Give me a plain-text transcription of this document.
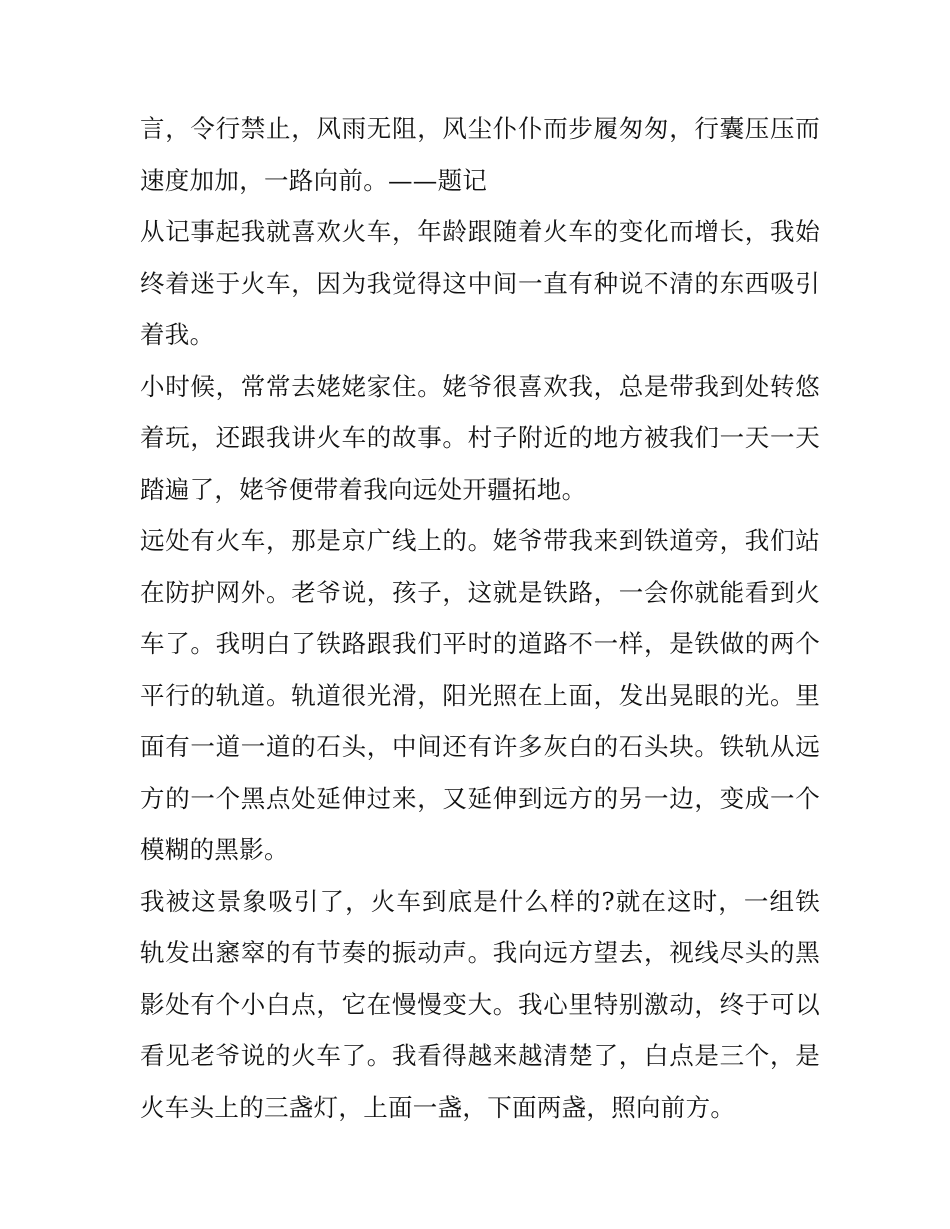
言，令行禁止，风雨无阻，风尘仆仆而步履匆匆，行囊压压而速度加加，一路向前。——题记

从记事起我就喜欢火车，年龄跟随着火车的变化而增长，我始终着迷于火车，因为我觉得这中间一直有种说不清的东西吸引着我。

小时候，常常去姥姥家住。姥爷很喜欢我，总是带我到处转悠着玩，还跟我讲火车的故事。村子附近的地方被我们一天一天踏遍了，姥爷便带着我向远处开疆拓地。

远处有火车，那是京广线上的。姥爷带我来到铁道旁，我们站在防护网外。老爷说，孩子，这就是铁路，一会你就能看到火车了。我明白了铁路跟我们平时的道路不一样，是铁做的两个平行的轨道。轨道很光滑，阳光照在上面，发出晃眼的光。里面有一道一道的石头，中间还有许多灰白的石头块。铁轨从远方的一个黑点处延伸过来，又延伸到远方的另一边，变成一个模糊的黑影。

我被这景象吸引了，火车到底是什么样的?就在这时，一组铁轨发出窸窣的有节奏的振动声。我向远方望去，视线尽头的黑影处有个小白点，它在慢慢变大。我心里特别激动，终于可以看见老爷说的火车了。我看得越来越清楚了，白点是三个，是火车头上的三盏灯，上面一盏，下面两盏，照向前方。
